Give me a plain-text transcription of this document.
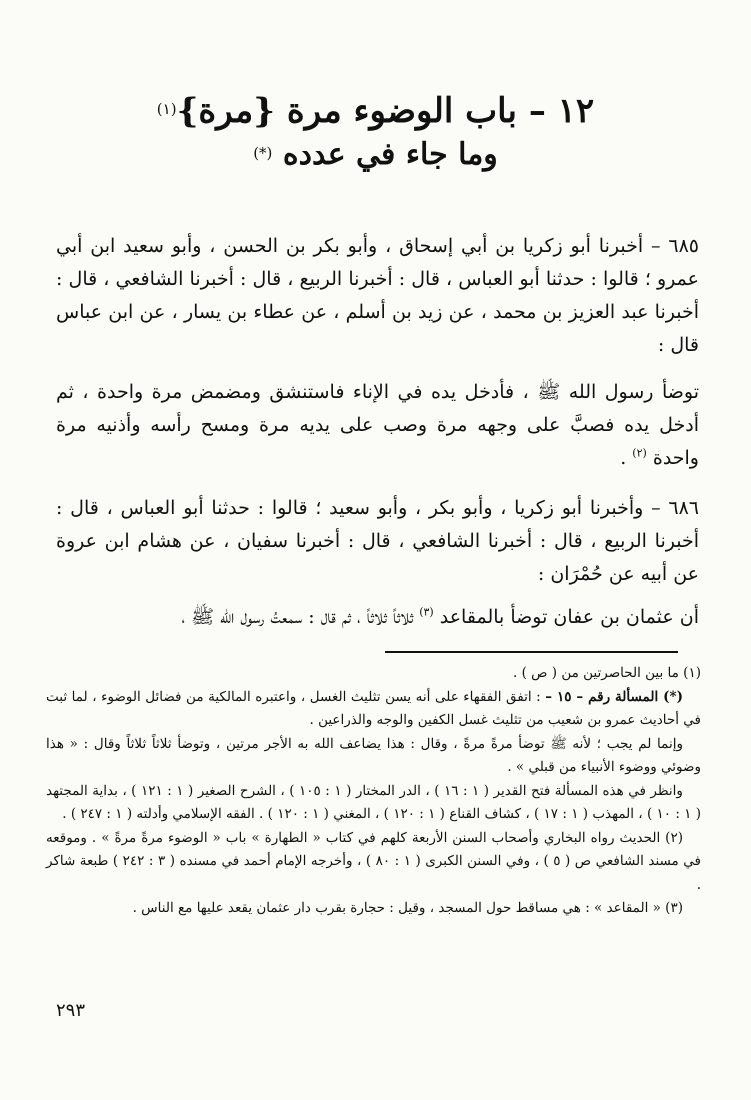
١٢ – باب الوضوء مرة {مرة}$^{(١)}$
وما جاء في عدده (*)

٦٨٥ – أخبرنا أبو زكريا بن أبي إسحاق ، وأبو بكر بن الحسن ، وأبو سعيد ابن أبي عمرو ؛ قالوا : حدثنا أبو العباس ، قال : أخبرنا الربيع ، قال : أخبرنا الشافعي ، قال : أخبرنا عبد العزيز بن محمد ، عن زيد بن أسلم ، عن عطاء بن يسار ، عن ابن عباس قال :

توضأ رسول الله ﷺ ، فأدخل يده في الإناء فاستنشق ومضمض مرة واحدة ، ثم أدخل يده فصبَّ على وجهه مرة وصب على يديه مرة ومسح رأسه وأذنيه مرة واحدة $^{(٢)}$ .

٦٨٦ – وأخبرنا أبو زكريا ، وأبو بكر ، وأبو سعيد ؛ قالوا : حدثنا أبو العباس ، قال : أخبرنا الربيع ، قال : أخبرنا الشافعي ، قال : أخبرنا سفيان ، عن هشام ابن عروة عن أبيه عن حُمْرَان :

أن عثمان بن عفان توضأ بالمقاعد $^{(٣)}$ ثلاثاً ثلاثاً ، ثم قال : سمعتُ رسول الله ﷺ ،

(١) ما بين الحاصرتين من ( ص ) .

(*) المسألة رقم – ١٥ – : اتفق الفقهاء على أنه يسن تثليث الغسل ، واعتبره المالكية من فضائل الوضوء ، لما ثبت في أحاديث عمرو بن شعيب من تثليث غسل الكفين والوجه والذراعين .

وإنما لم يجب ؛ لأنه ﷺ توضأ مرةً مرةً ، وقال : هذا يضاعف الله به الأجر مرتين ، وتوضأ ثلاثاً ثلاثاً وقال : « هذا وضوئي ووضوء الأنبياء من قبلي » .

وانظر في هذه المسألة فتح القدير ( ١ : ١٦ ) ، الدر المختار ( ١ : ١٠٥ ) ، الشرح الصغير ( ١ : ١٢١ ) ، بداية المجتهد ( ١ : ١٠ ) ، المهذب ( ١ : ١٧ ) ، كشاف القناع ( ١ : ١٢٠ ) ، المغني ( ١ : ١٢٠ ) . الفقه الإسلامي وأدلته ( ١ : ٢٤٧ ) .

(٢) الحديث رواه البخاري وأصحاب السنن الأربعة كلهم في كتاب « الطهارة » باب « الوضوء مرةً مرةً » . وموقعه في مسند الشافعي ص ( ٥ ) ، وفي السنن الكبرى ( ١ : ٨٠ ) ، وأخرجه الإمام أحمد في مسنده ( ٣ : ٢٤٢ ) طبعة شاكر .

(٣) « المقاعد » : هي مساقط حول المسجد ، وقيل : حجارة بقرب دار عثمان يقعد عليها مع الناس .

٢٩٣
